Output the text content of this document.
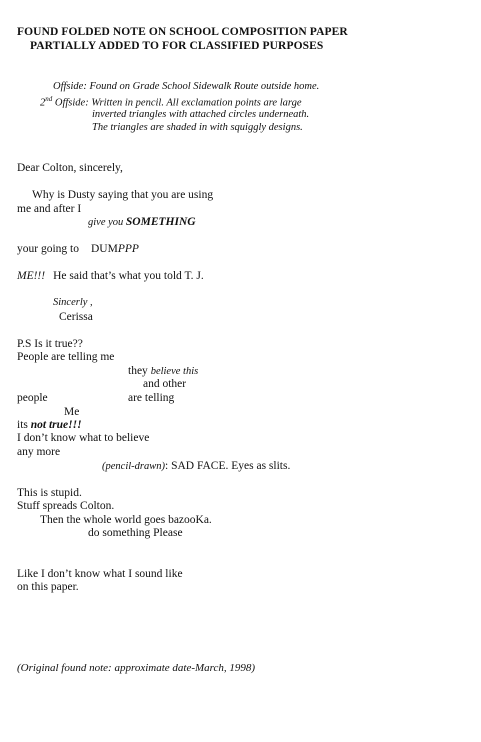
FOUND FOLDED NOTE ON SCHOOL COMPOSITION PAPER
PARTIALLY ADDED TO FOR CLASSIFIED PURPOSES
Offside: Found on Grade School Sidewalk Route outside home.
2nd Offside: Written in pencil. All exclamation points are large
inverted triangles with attached circles underneath.
The triangles are shaded in with squiggly designs.
Dear Colton, sincerely,
Why is Dusty saying that you are using
me and after I
give you SOMETHING
your going to DUMPPP
ME!!! He said that’s what you told T. J.
Sincerly ,
Cerissa
P.S Is it true??
People are telling me
they believe this
and other
people	are telling
Me
its not true!!!
I don’t know what to believe
any more
(pencil-drawn): SAD FACE. Eyes as slits.
This is stupid.
Stuff spreads Colton.
Then the whole world goes bazooKa.
do something Please
Like I don’t know what I sound like
on this paper.
(Original found note: approximate date-March, 1998)
